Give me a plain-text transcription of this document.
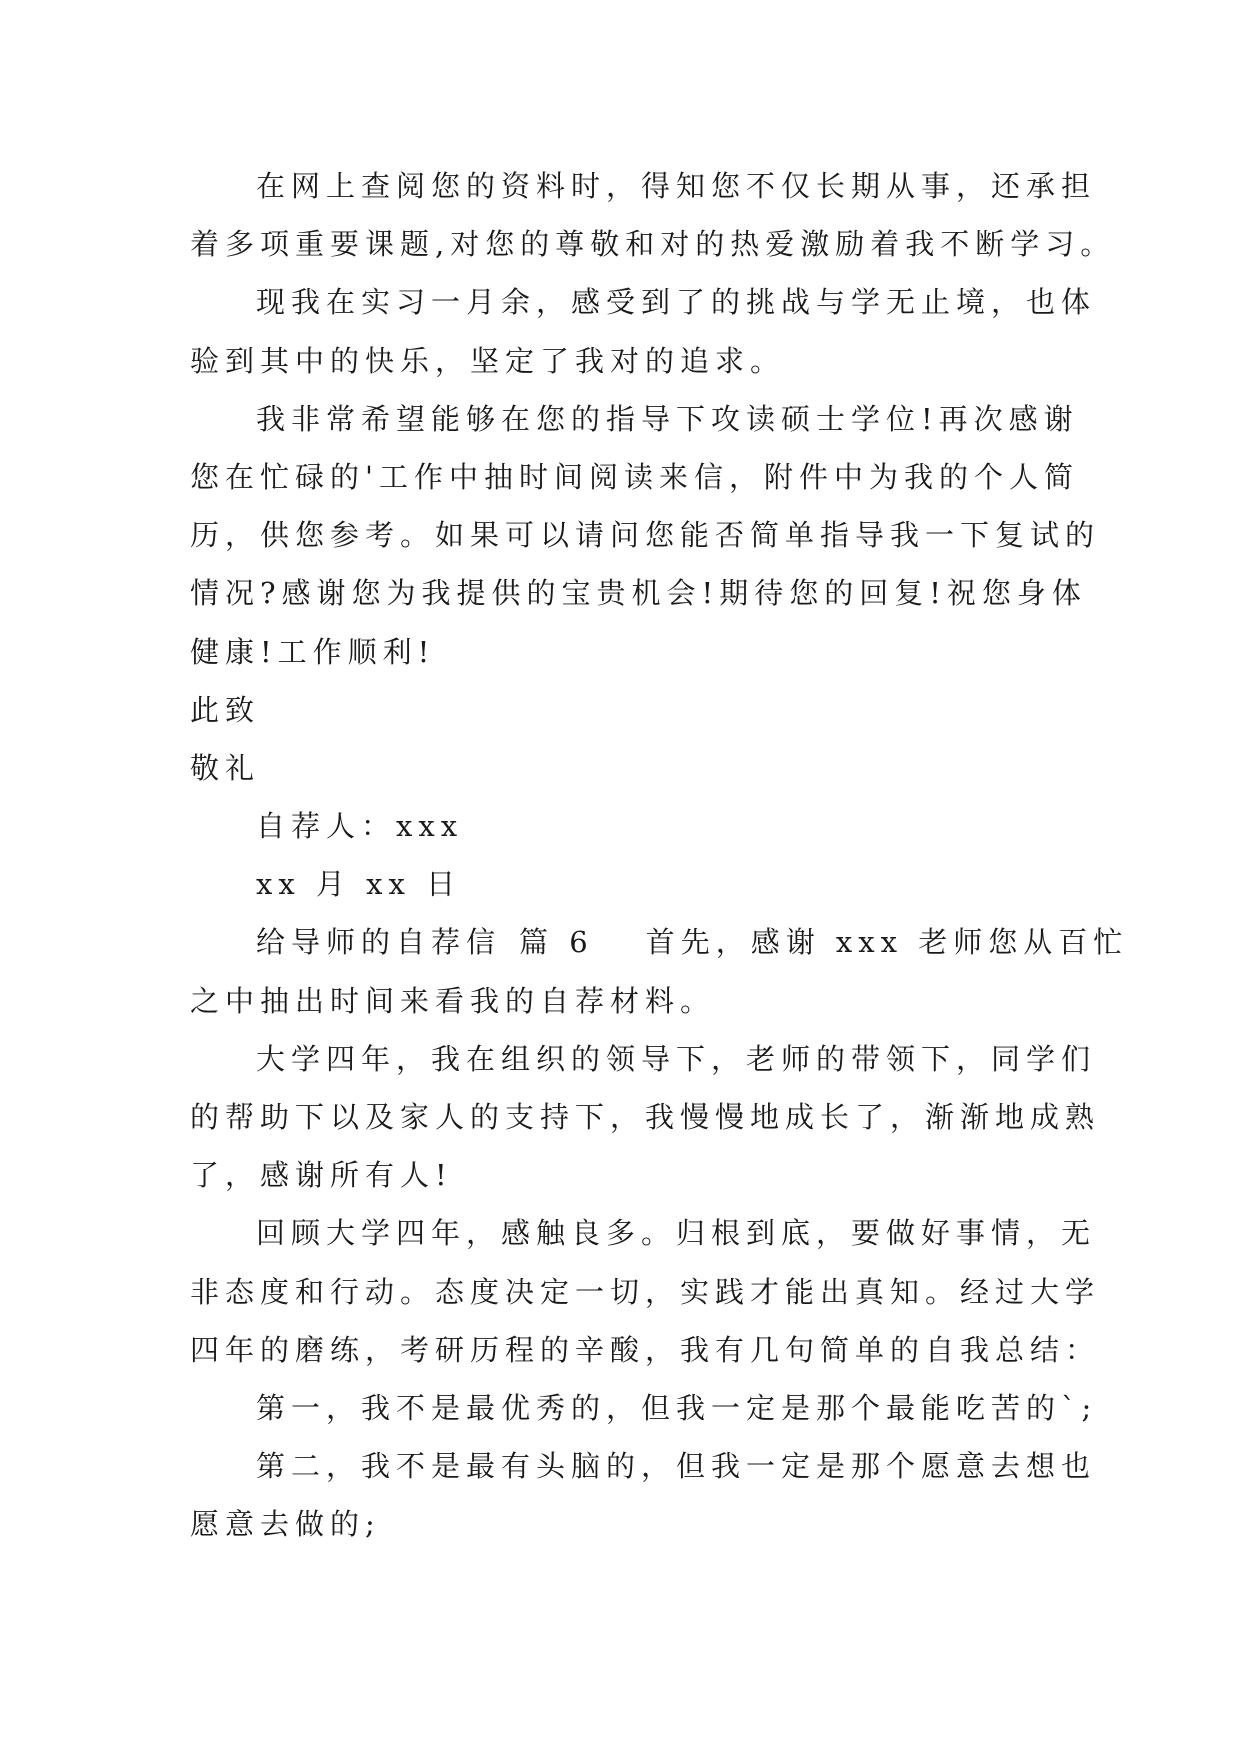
在网上查阅您的资料时，得知您不仅长期从事，还承担
着多项重要课题,对您的尊敬和对的热爱激励着我不断学习。
现我在实习一月余，感受到了的挑战与学无止境，也体
验到其中的快乐，坚定了我对的追求。
我非常希望能够在您的指导下攻读硕士学位!再次感谢
您在忙碌的'工作中抽时间阅读来信，附件中为我的个人简
历，供您参考。如果可以请问您能否简单指导我一下复试的
情况?感谢您为我提供的宝贵机会!期待您的回复!祝您身体
健康!工作顺利!
此致
敬礼
自荐人：xxx
xx 月 xx 日
给导师的自荐信 篇 6 首先，感谢 xxx 老师您从百忙
之中抽出时间来看我的自荐材料。
大学四年，我在组织的领导下，老师的带领下，同学们
的帮助下以及家人的支持下，我慢慢地成长了，渐渐地成熟
了，感谢所有人!
回顾大学四年，感触良多。归根到底，要做好事情，无
非态度和行动。态度决定一切，实践才能出真知。经过大学
四年的磨练，考研历程的辛酸，我有几句简单的自我总结：
第一，我不是最优秀的，但我一定是那个最能吃苦的`;
第二，我不是最有头脑的，但我一定是那个愿意去想也
愿意去做的;
